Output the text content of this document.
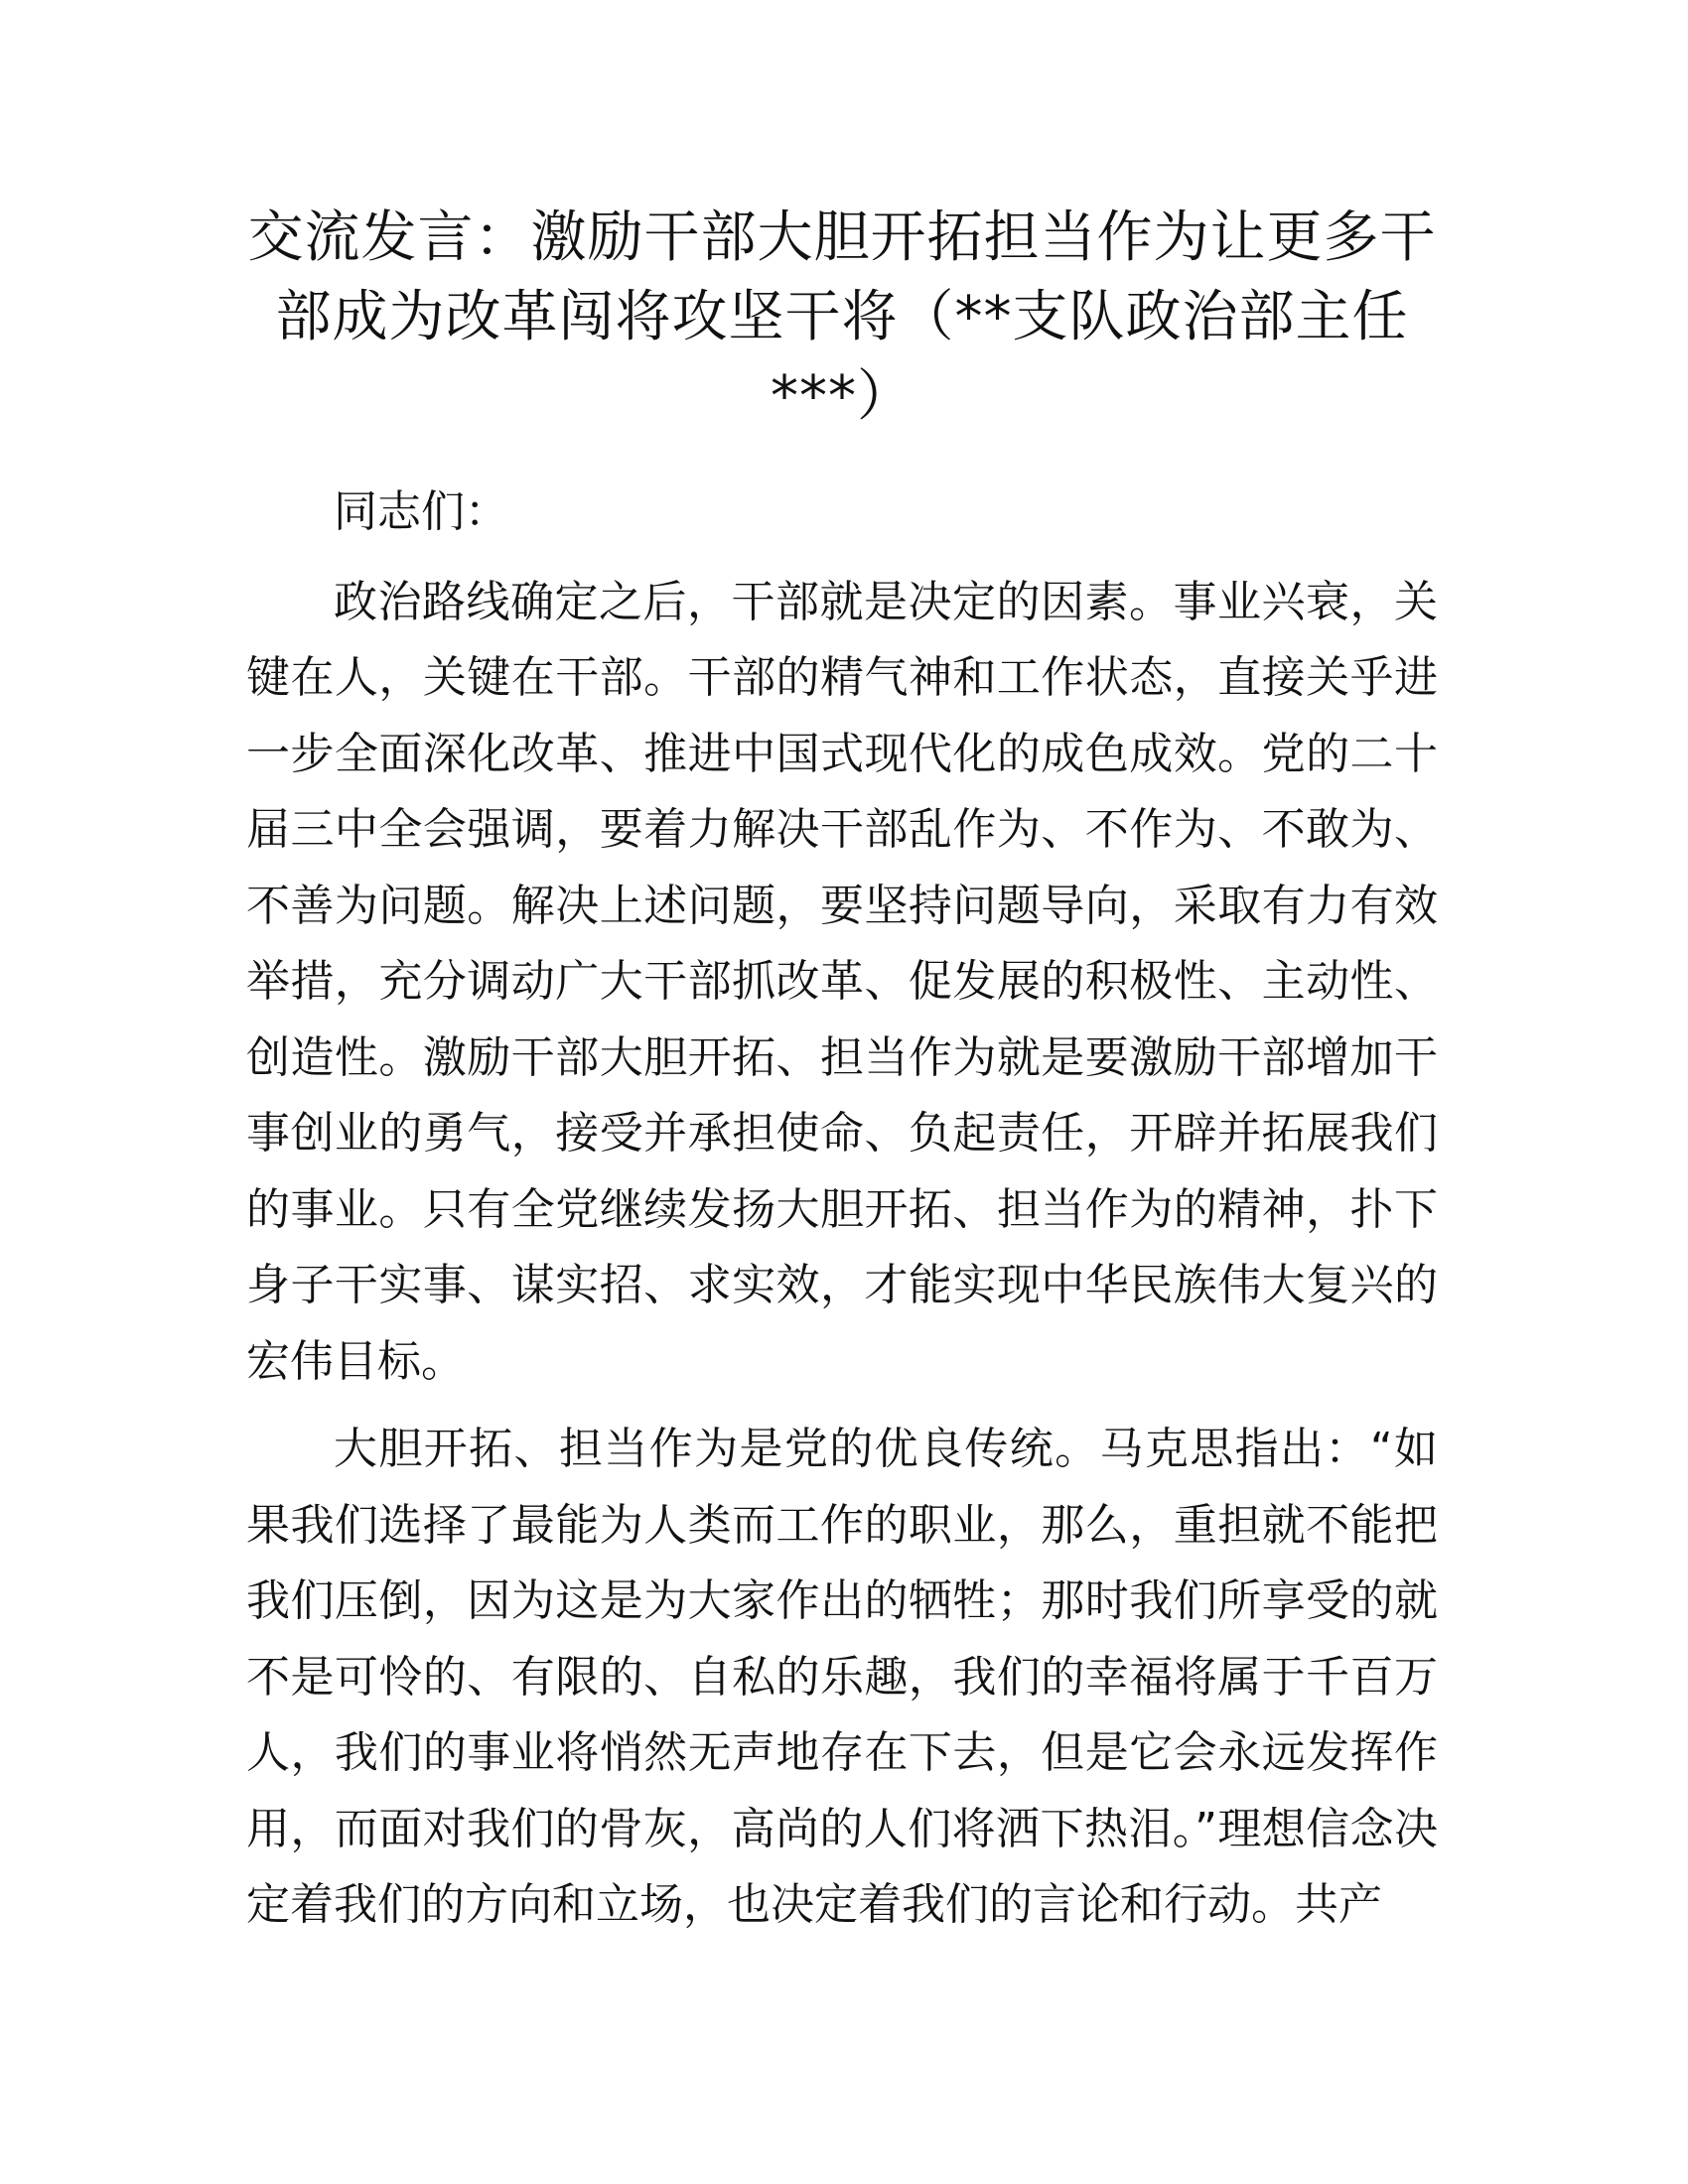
交流发言：激励干部大胆开拓担当作为让更多干部成为改革闯将攻坚干将（**支队政治部主任***）

同志们：

政治路线确定之后，干部就是决定的因素。事业兴衰，关键在人，关键在干部。干部的精气神和工作状态，直接关乎进一步全面深化改革、推进中国式现代化的成色成效。党的二十届三中全会强调，要着力解决干部乱作为、不作为、不敢为、不善为问题。解决上述问题，要坚持问题导向，采取有力有效举措，充分调动广大干部抓改革、促发展的积极性、主动性、创造性。激励干部大胆开拓、担当作为就是要激励干部增加干事创业的勇气，接受并承担使命、负起责任，开辟并拓展我们的事业。只有全党继续发扬大胆开拓、担当作为的精神，扑下身子干实事、谋实招、求实效，才能实现中华民族伟大复兴的宏伟目标。

大胆开拓、担当作为是党的优良传统。马克思指出：“如果我们选择了最能为人类而工作的职业，那么，重担就不能把我们压倒，因为这是为大家作出的牺牲；那时我们所享受的就不是可怜的、有限的、自私的乐趣，我们的幸福将属于千百万人，我们的事业将悄然无声地存在下去，但是它会永远发挥作用，而面对我们的骨灰，高尚的人们将洒下热泪。”理想信念决定着我们的方向和立场，也决定着我们的言论和行动。共产
